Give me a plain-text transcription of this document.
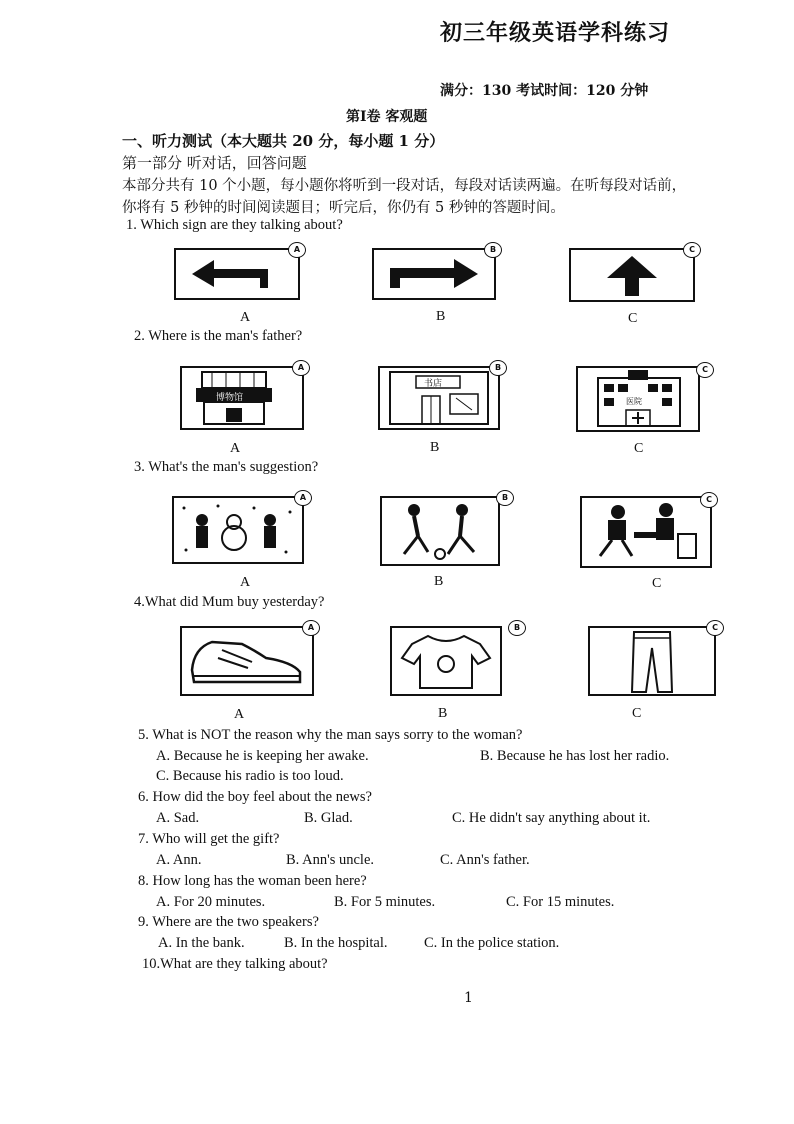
初三年级英语学科练习
满分：130 考试时间：120 分钟
第Ⅰ卷 客观题
一、听力测试（本大题共 20 分，每小题 1 分）
第一部分 听对话，回答问题
本部分共有 10 个小题，每小题你将听到一段对话，每段对话读两遍。在听每段对话前，
你将有 5 秒钟的时间阅读题目；听完后，你仍有 5 秒钟的答题时间。
1. Which sign are they talking about?
A
A
B
B
C
C
2. Where is the man's father?
博物馆
A
A
书店
B
B
医院
C
C
3. What's the man's suggestion?
A
A
B
B
C
C
4.What did Mum buy yesterday?
A
A
B
B
C
C
5. What is NOT the reason why the man says sorry to the woman?
A. Because he is keeping her awake.	B. Because he has lost her radio.
C. Because his radio is too loud.
6. How did the boy feel about the news?
A. Sad.	B. Glad.	C. He didn't say anything about it.
7. Who will get the gift?
A. Ann.	B. Ann's uncle.	C. Ann's father.
8. How long has the woman been here?
A. For 20 minutes.	B. For 5 minutes.	C. For 15 minutes.
9. Where are the two speakers?
A. In the bank.	B. In the hospital.	C. In the police station.
10.What are they talking about?
1
